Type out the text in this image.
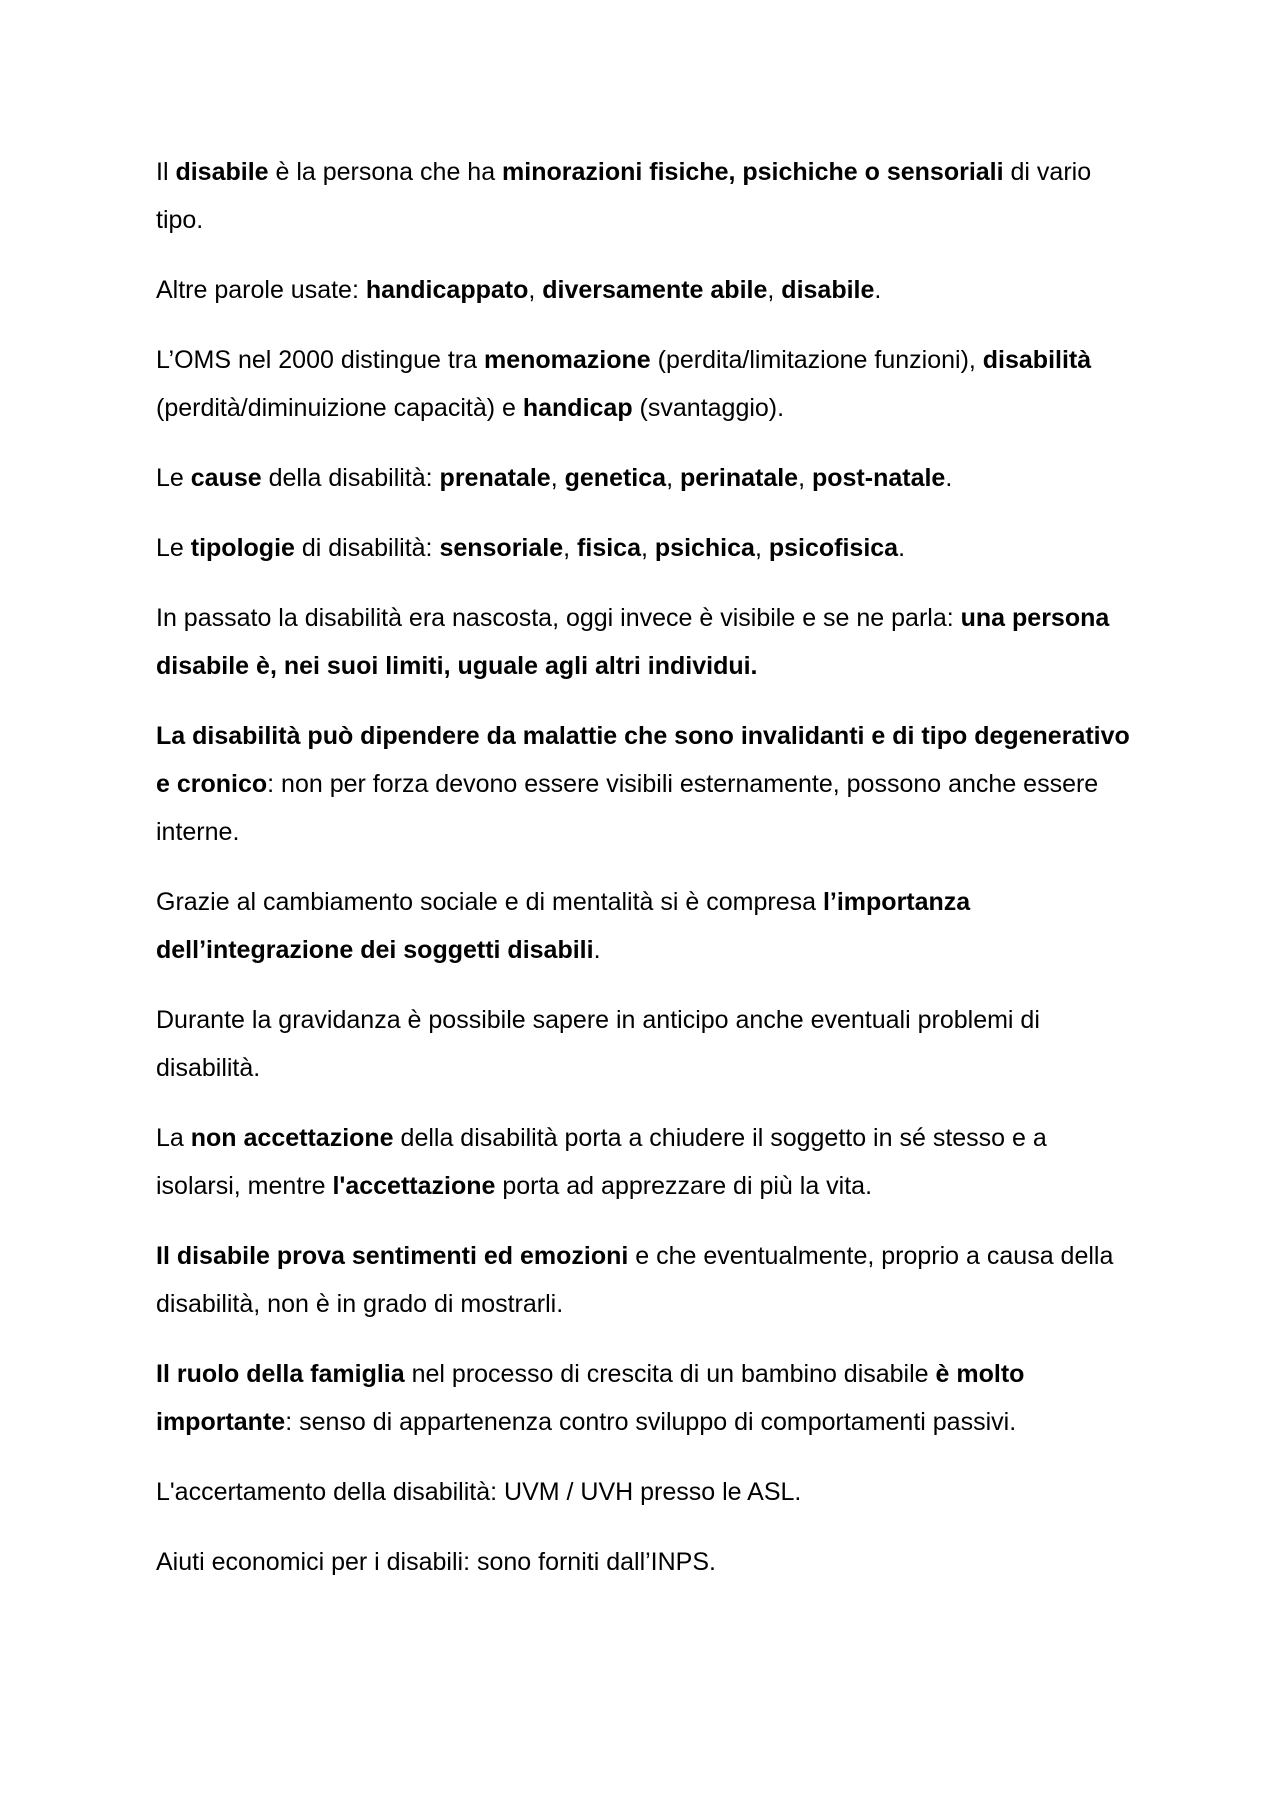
Il disabile è la persona che ha minorazioni fisiche, psichiche o sensoriali di vario tipo.

Altre parole usate: handicappato, diversamente abile, disabile.

L’OMS nel 2000 distingue tra menomazione (perdita/limitazione funzioni), disabilità (perdità/diminuizione capacità) e handicap (svantaggio).

Le cause della disabilità: prenatale, genetica, perinatale, post-natale.

Le tipologie di disabilità: sensoriale, fisica, psichica, psicofisica.

In passato la disabilità era nascosta, oggi invece è visibile e se ne parla: una persona disabile è, nei suoi limiti, uguale agli altri individui.

La disabilità può dipendere da malattie che sono invalidanti e di tipo degenerativo e cronico: non per forza devono essere visibili esternamente, possono anche essere interne.

Grazie al cambiamento sociale e di mentalità si è compresa l’importanza dell’integrazione dei soggetti disabili.

Durante la gravidanza è possibile sapere in anticipo anche eventuali problemi di disabilità.

La non accettazione della disabilità porta a chiudere il soggetto in sé stesso e a isolarsi, mentre l'accettazione porta ad apprezzare di più la vita.

Il disabile prova sentimenti ed emozioni e che eventualmente, proprio a causa della disabilità, non è in grado di mostrarli.

Il ruolo della famiglia nel processo di crescita di un bambino disabile è molto importante: senso di appartenenza contro sviluppo di comportamenti passivi.

L'accertamento della disabilità: UVM / UVH presso le ASL.

Aiuti economici per i disabili: sono forniti dall’INPS.
